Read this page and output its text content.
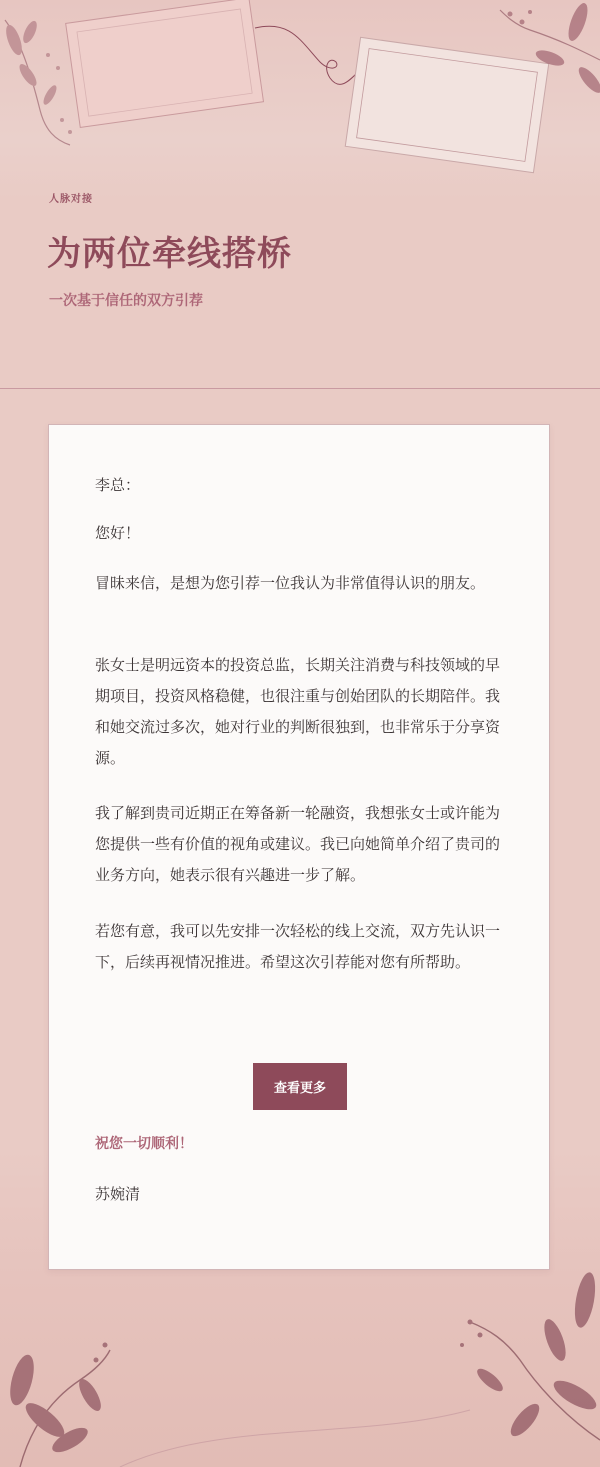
人脉对接
为两位牵线搭桥
一次基于信任的双方引荐

李总：

您好！

冒昧来信，是想为您引荐一位我认为非常值得认识的朋友。

张女士是明远资本的投资总监，长期关注消费与科技领域的早期项目，投资风格稳健，也很注重与创始团队的长期陪伴。我和她交流过多次，她对行业的判断很独到，也非常乐于分享资源。

我了解到贵司近期正在筹备新一轮融资，我想张女士或许能为您提供一些有价值的视角或建议。我已向她简单介绍了贵司的业务方向，她表示很有兴趣进一步了解。

若您有意，我可以先安排一次轻松的线上交流，双方先认识一下，后续再视情况推进。希望这次引荐能对您有所帮助。

查看更多
祝您一切顺利！
苏婉清
